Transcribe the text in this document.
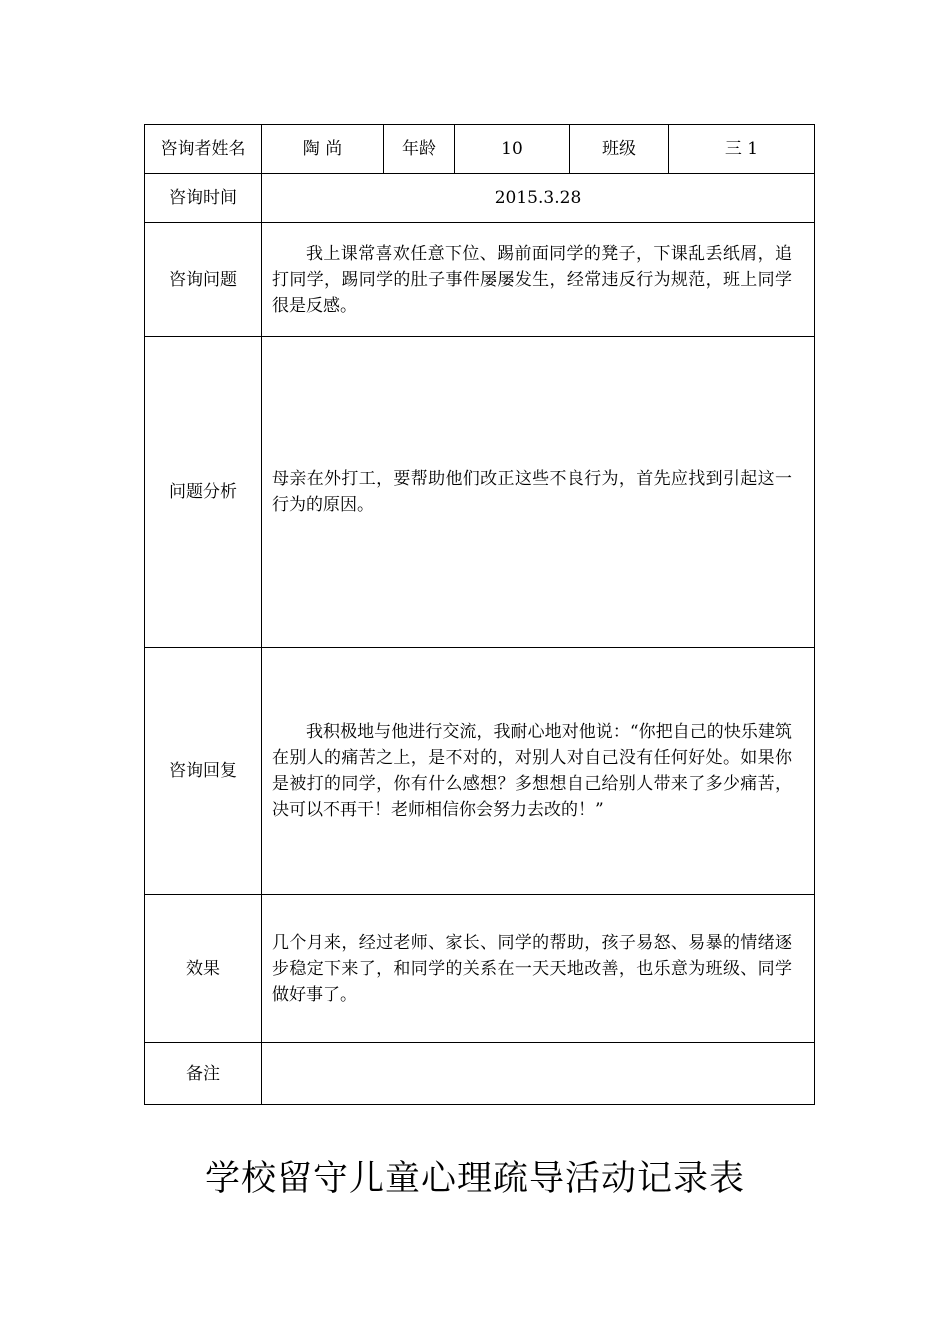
咨询者姓名	陶 尚	年龄	10	班级	三 1
咨询时间	2015.3.28				
咨询问题	我上课常喜欢任意下位、踢前面同学的凳子，下课乱丢纸屑，追打同学，踢同学的肚子事件屡屡发生，经常违反行为规范，班上同学很是反感。				

问题分析	母亲在外打工，要帮助他们改正这些不良行为，首先应找到引起这一行为的原因。				

咨询回复	我积极地与他进行交流，我耐心地对他说：“你把自己的快乐建筑在别人的痛苦之上，是不对的，对别人对自己没有任何好处。如果你是被打的同学，你有什么感想？多想想自己给别人带来了多少痛苦，决可以不再干！老师相信你会努力去改的！”				

效果	几个月来，经过老师、家长、同学的帮助，孩子易怒、易暴的情绪逐步稳定下来了，和同学的关系在一天天地改善，也乐意为班级、同学做好事了。				

备注					

学校留守儿童心理疏导活动记录表
